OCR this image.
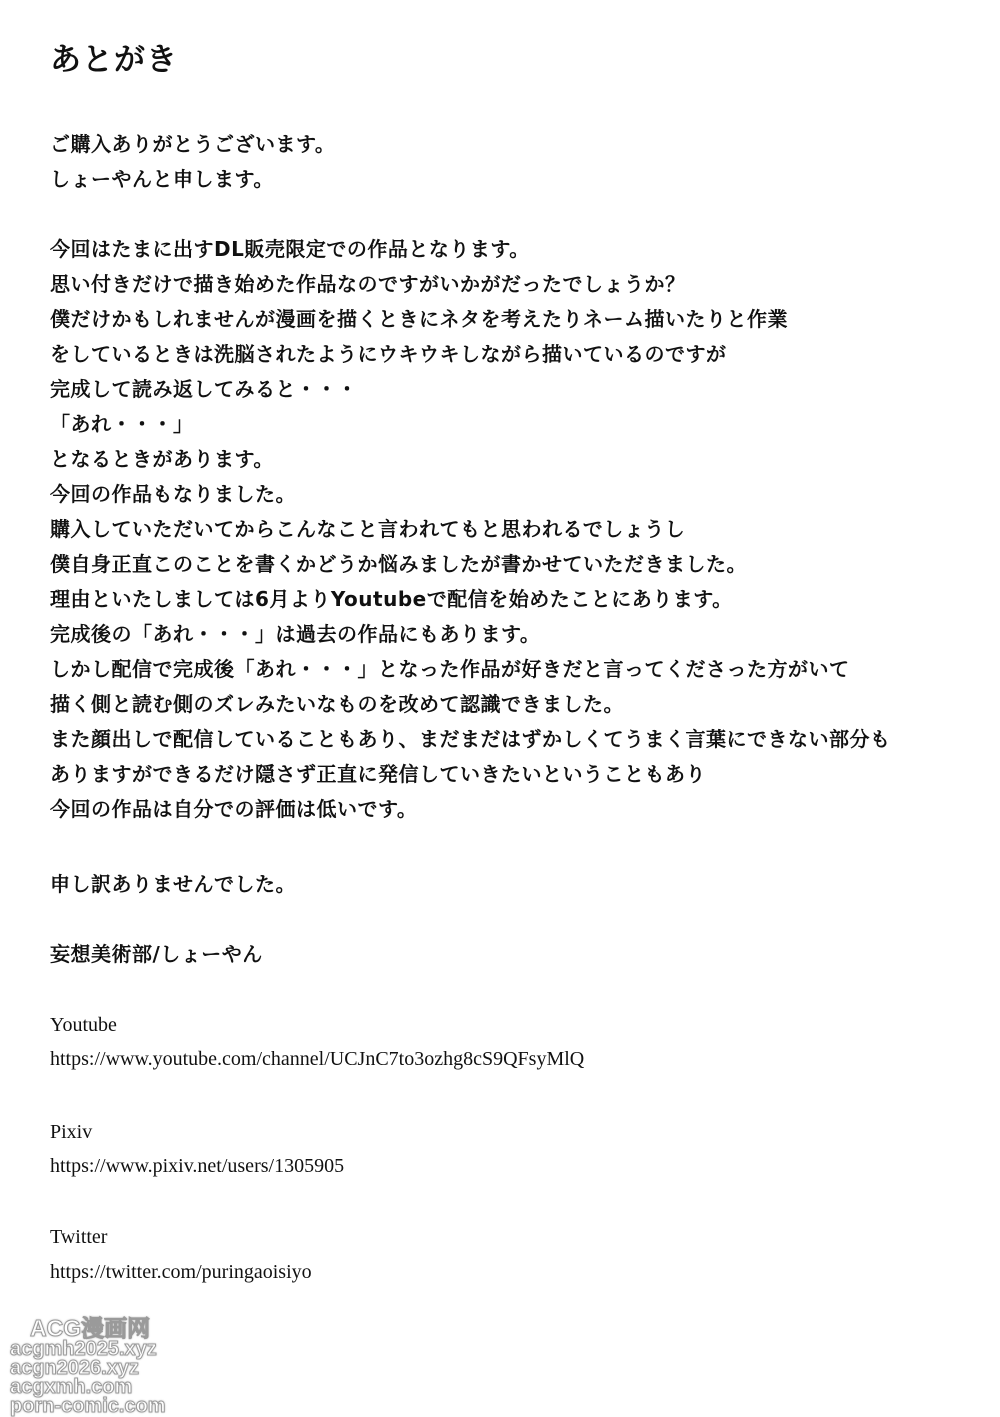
あとがき
ご購入ありがとうございます。
しょーやんと申します。
今回はたまに出すDL販売限定での作品となります。
思い付きだけで描き始めた作品なのですがいかがだったでしょうか？
僕だけかもしれませんが漫画を描くときにネタを考えたりネーム描いたりと作業
をしているときは洗脳されたようにウキウキしながら描いているのですが
完成して読み返してみると・・・
「あれ・・・」
となるときがあります。
今回の作品もなりました。
購入していただいてからこんなこと言われてもと思われるでしょうし
僕自身正直このことを書くかどうか悩みましたが書かせていただきました。
理由といたしましては6月よりYoutubeで配信を始めたことにあります。
完成後の「あれ・・・」は過去の作品にもあります。
しかし配信で完成後「あれ・・・」となった作品が好きだと言ってくださった方がいて
描く側と読む側のズレみたいなものを改めて認識できました。
また顔出しで配信していることもあり、まだまだはずかしくてうまく言葉にできない部分も
ありますができるだけ隠さず正直に発信していきたいということもあり
今回の作品は自分での評価は低いです。
申し訳ありませんでした。
妄想美術部/しょーやん
Youtube
https://www.youtube.com/channel/UCJnC7to3ozhg8cS9QFsyMlQ
Pixiv
https://www.pixiv.net/users/1305905
Twitter
https://twitter.com/puringaoisiyo
ACG漫画网
acgmh2025.xyz
acgn2026.xyz
acgxmh.com
porn-comic.com
